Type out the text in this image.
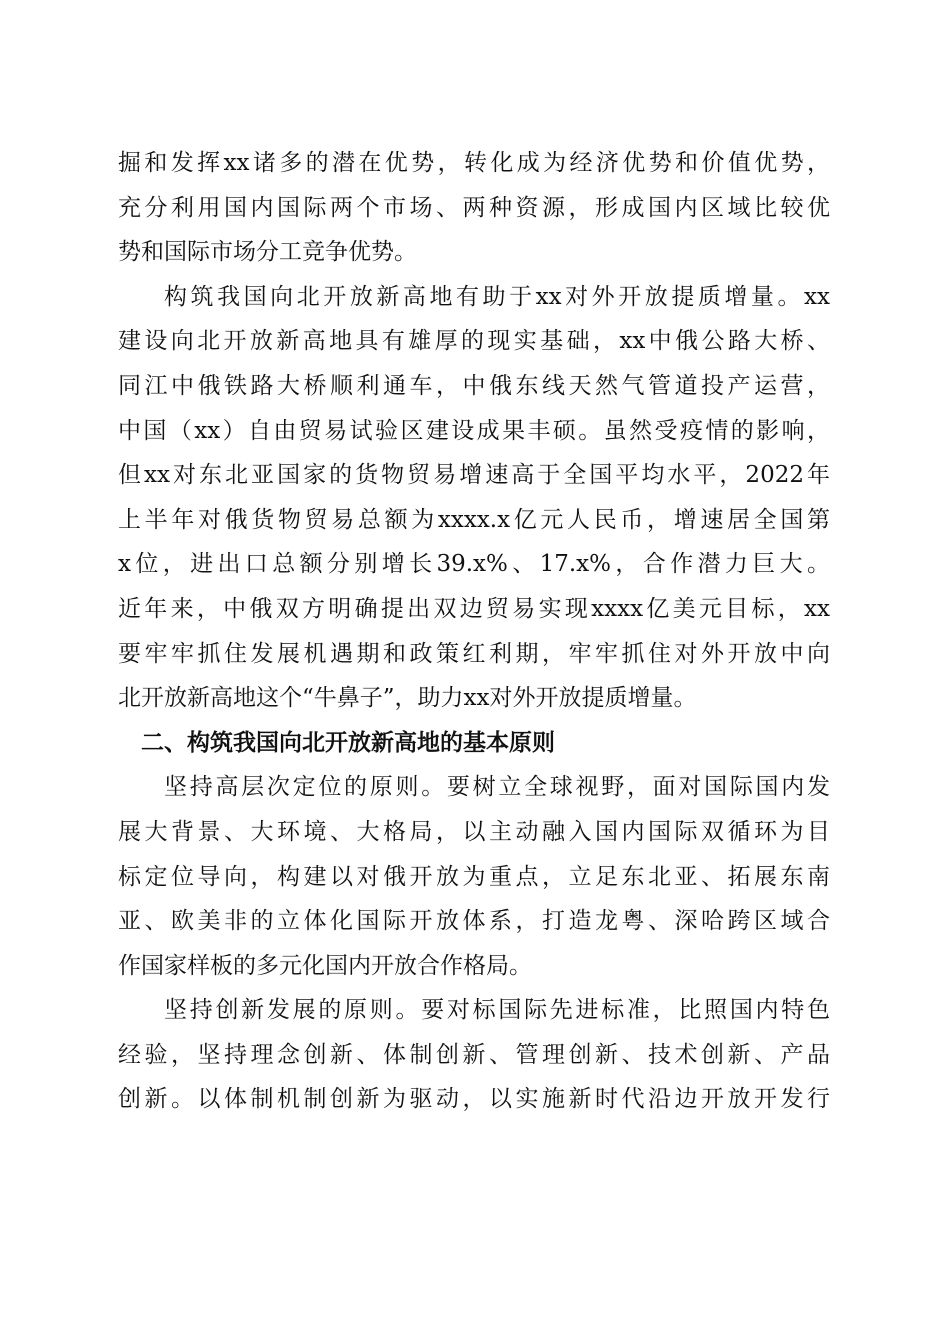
掘和发挥xx诸多的潜在优势，转化成为经济优势和价值优势，
充分利用国内国际两个市场、两种资源，形成国内区域比较优
势和国际市场分工竞争优势。
构筑我国向北开放新高地有助于xx对外开放提质增量。xx
建设向北开放新高地具有雄厚的现实基础，xx中俄公路大桥、
同江中俄铁路大桥顺利通车，中俄东线天然气管道投产运营，
中国（xx）自由贸易试验区建设成果丰硕。虽然受疫情的影响，
但xx对东北亚国家的货物贸易增速高于全国平均水平，2022年
上半年对俄货物贸易总额为xxxx.x亿元人民币，增速居全国第
x位，进出口总额分别增长39.x%、17.x%，合作潜力巨大。
近年来，中俄双方明确提出双边贸易实现xxxx亿美元目标，xx
要牢牢抓住发展机遇期和政策红利期，牢牢抓住对外开放中向
北开放新高地这个“牛鼻子”，助力xx对外开放提质增量。
二、构筑我国向北开放新高地的基本原则
坚持高层次定位的原则。要树立全球视野，面对国际国内发
展大背景、大环境、大格局，以主动融入国内国际双循环为目
标定位导向，构建以对俄开放为重点，立足东北亚、拓展东南
亚、欧美非的立体化国际开放体系，打造龙粤、深哈跨区域合
作国家样板的多元化国内开放合作格局。
坚持创新发展的原则。要对标国际先进标准，比照国内特色
经验，坚持理念创新、体制创新、管理创新、技术创新、产品
创新。以体制机制创新为驱动，以实施新时代沿边开放开发行
